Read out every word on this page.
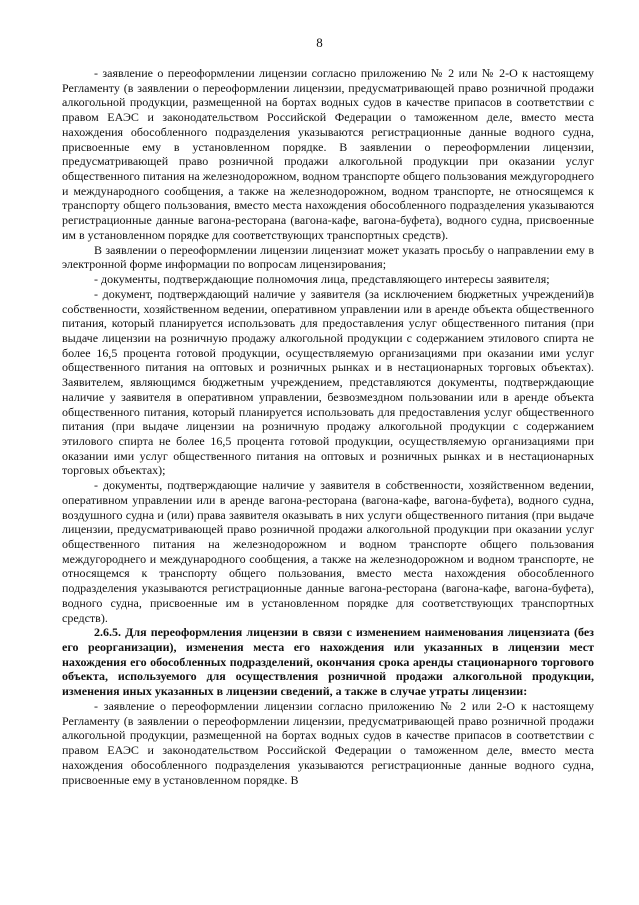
8

- заявление о переоформлении лицензии согласно приложению № 2 или № 2-О к настоящему Регламенту (в заявлении о переоформлении лицензии, предусматривающей право розничной продажи алкогольной продукции, размещенной на бортах водных судов в качестве припасов в соответствии с правом ЕАЭС и законодательством Российской Федерации о таможенном деле, вместо места нахождения обособленного подразделения указываются регистрационные данные водного судна, присвоенные ему в установленном порядке. В заявлении о переоформлении лицензии, предусматривающей право розничной продажи алкогольной продукции при оказании услуг общественного питания на железнодорожном, водном транспорте общего пользования междугороднего и международного сообщения, а также на железнодорожном, водном транспорте, не относящемся к транспорту общего пользования, вместо места нахождения обособленного подразделения указываются регистрационные данные вагона-ресторана (вагона-кафе, вагона-буфета), водного судна, присвоенные им в установленном порядке для соответствующих транспортных средств).

В заявлении о переоформлении лицензии лицензиат может указать просьбу о направлении ему в электронной форме информации по вопросам лицензирования;

- документы, подтверждающие полномочия лица, представляющего интересы заявителя;

- документ, подтверждающий наличие у заявителя (за исключением бюджетных учреждений)в собственности, хозяйственном ведении, оперативном управлении или в аренде объекта общественного питания, который планируется использовать для предоставления услуг общественного питания (при выдаче лицензии на розничную продажу алкогольной продукции с содержанием этилового спирта не более 16,5 процента готовой продукции, осуществляемую организациями при оказании ими услуг общественного питания на оптовых и розничных рынках и в нестационарных торговых объектах). Заявителем, являющимся бюджетным учреждением, представляются документы, подтверждающие наличие у заявителя в оперативном управлении, безвозмездном пользовании или в аренде объекта общественного питания, который планируется использовать для предоставления услуг общественного питания (при выдаче лицензии на розничную продажу алкогольной продукции с содержанием этилового спирта не более 16,5 процента готовой продукции, осуществляемую организациями при оказании ими услуг общественного питания на оптовых и розничных рынках и в нестационарных торговых объектах);

- документы, подтверждающие наличие у заявителя в собственности, хозяйственном ведении, оперативном управлении или в аренде вагона-ресторана (вагона-кафе, вагона-буфета), водного судна, воздушного судна и (или) права заявителя оказывать в них услуги общественного питания (при выдаче лицензии, предусматривающей право розничной продажи алкогольной продукции при оказании услуг общественного питания на железнодорожном и водном транспорте общего пользования междугороднего и международного сообщения, а также на железнодорожном и водном транспорте, не относящемся к транспорту общего пользования, вместо места нахождения обособленного подразделения указываются регистрационные данные вагона-ресторана (вагона-кафе, вагона-буфета), водного судна, присвоенные им в установленном порядке для соответствующих транспортных средств).

2.6.5. Для переоформления лицензии в связи с изменением наименования лицензиата (без его реорганизации), изменения места его нахождения или указанных в лицензии мест нахождения его обособленных подразделений, окончания срока аренды стационарного торгового объекта, используемого для осуществления розничной продажи алкогольной продукции, изменения иных указанных в лицензии сведений, а также в случае утраты лицензии:

- заявление о переоформлении лицензии согласно приложению № 2 или 2-О к настоящему Регламенту (в заявлении о переоформлении лицензии, предусматривающей право розничной продажи алкогольной продукции, размещенной на бортах водных судов в качестве припасов в соответствии с правом ЕАЭС и законодательством Российской Федерации о таможенном деле, вместо места нахождения обособленного подразделения указываются регистрационные данные водного судна, присвоенные ему в установленном порядке. В
